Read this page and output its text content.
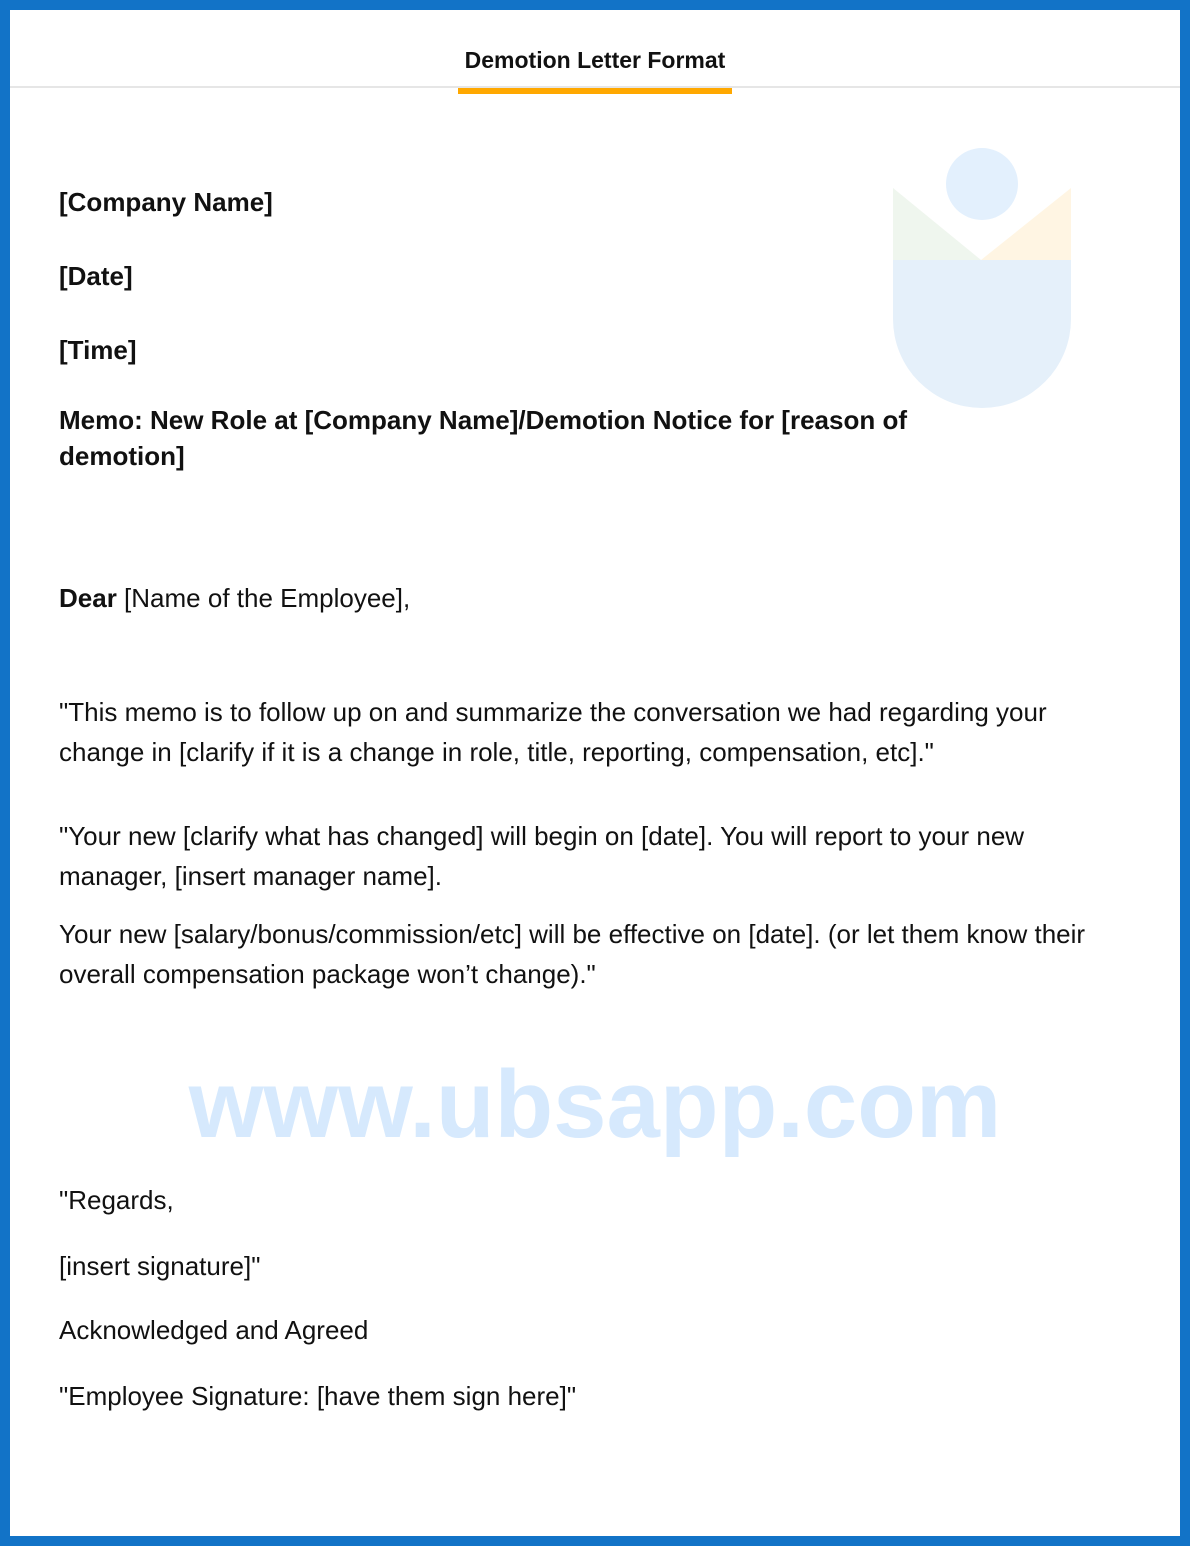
Demotion Letter Format
www.ubsapp.com
[Company Name]
[Date]
[Time]
Memo: New Role at [Company Name]/Demotion Notice for [reason of demotion]
Dear [Name of the Employee],
"This memo is to follow up on and summarize the conversation we had regarding your change in [clarify if it is a change in role, title, reporting, compensation, etc]."
"Your new [clarify what has changed] will begin on [date]. You will report to your new manager, [insert manager name].
Your new [salary/bonus/commission/etc] will be effective on [date]. (or let them know their overall compensation package won’t change)."
"Regards,
[insert signature]"
Acknowledged and Agreed
"Employee Signature: [have them sign here]"
